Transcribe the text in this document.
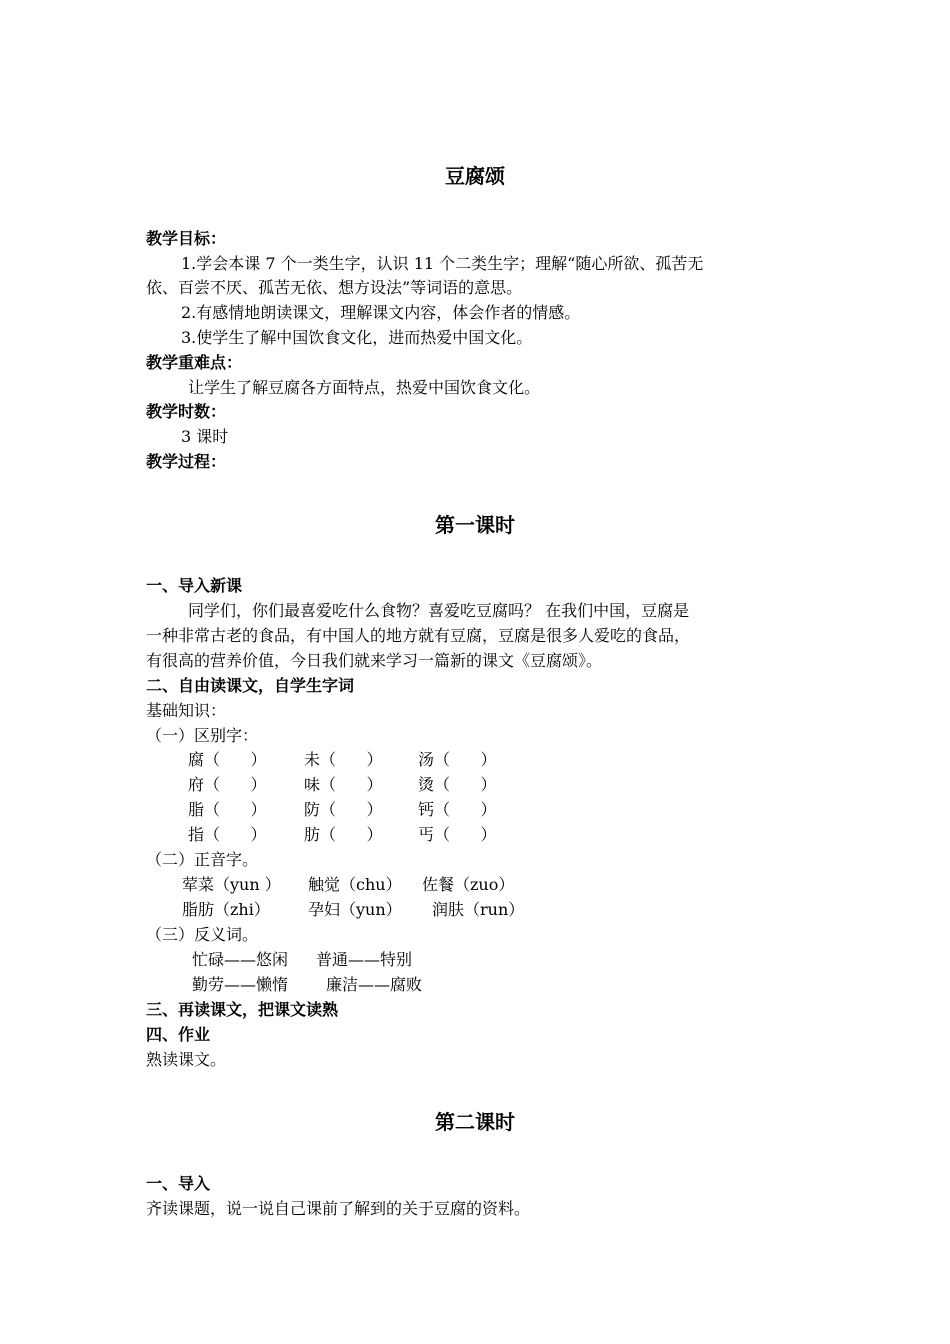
豆腐颂
教学目标：
1.学会本课 7 个一类生字，认识 11 个二类生字；理解“随心所欲、孤苦无
依、百尝不厌、孤苦无依、想方设法”等词语的意思。
2.有感情地朗读课文，理解课文内容，体会作者的情感。
3.使学生了解中国饮食文化，进而热爱中国文化。
教学重难点：
让学生了解豆腐各方面特点，热爱中国饮食文化。
教学时数：
3 课时
教学过程：
第一课时
一、导入新课
同学们，你们最喜爱吃什么食物？喜爱吃豆腐吗？ 在我们中国，豆腐是
一种非常古老的食品，有中国人的地方就有豆腐，豆腐是很多人爱吃的食品，
有很高的营养价值，今日我们就来学习一篇新的课文《豆腐颂》。
二、自由读课文，自学生字词
基础知识：
（一）区别字：
腐（      ） 未（      ） 汤（      ）
府（      ） 味（      ） 烫（      ）
脂（      ） 防（      ） 钙（      ）
指（      ） 肪（      ） 丐（      ）
（二）正音字。
荤菜（yun ） 触觉（chu） 佐餐（zuo）
脂肪（zhi） 孕妇（yun） 润肤（run）
（三）反义词。
忙碌——悠闲 普通——特别
勤劳——懒惰 廉洁——腐败
三、再读课文，把课文读熟
四、作业
熟读课文。
第二课时
一、导入
齐读课题，说一说自己课前了解到的关于豆腐的资料。
